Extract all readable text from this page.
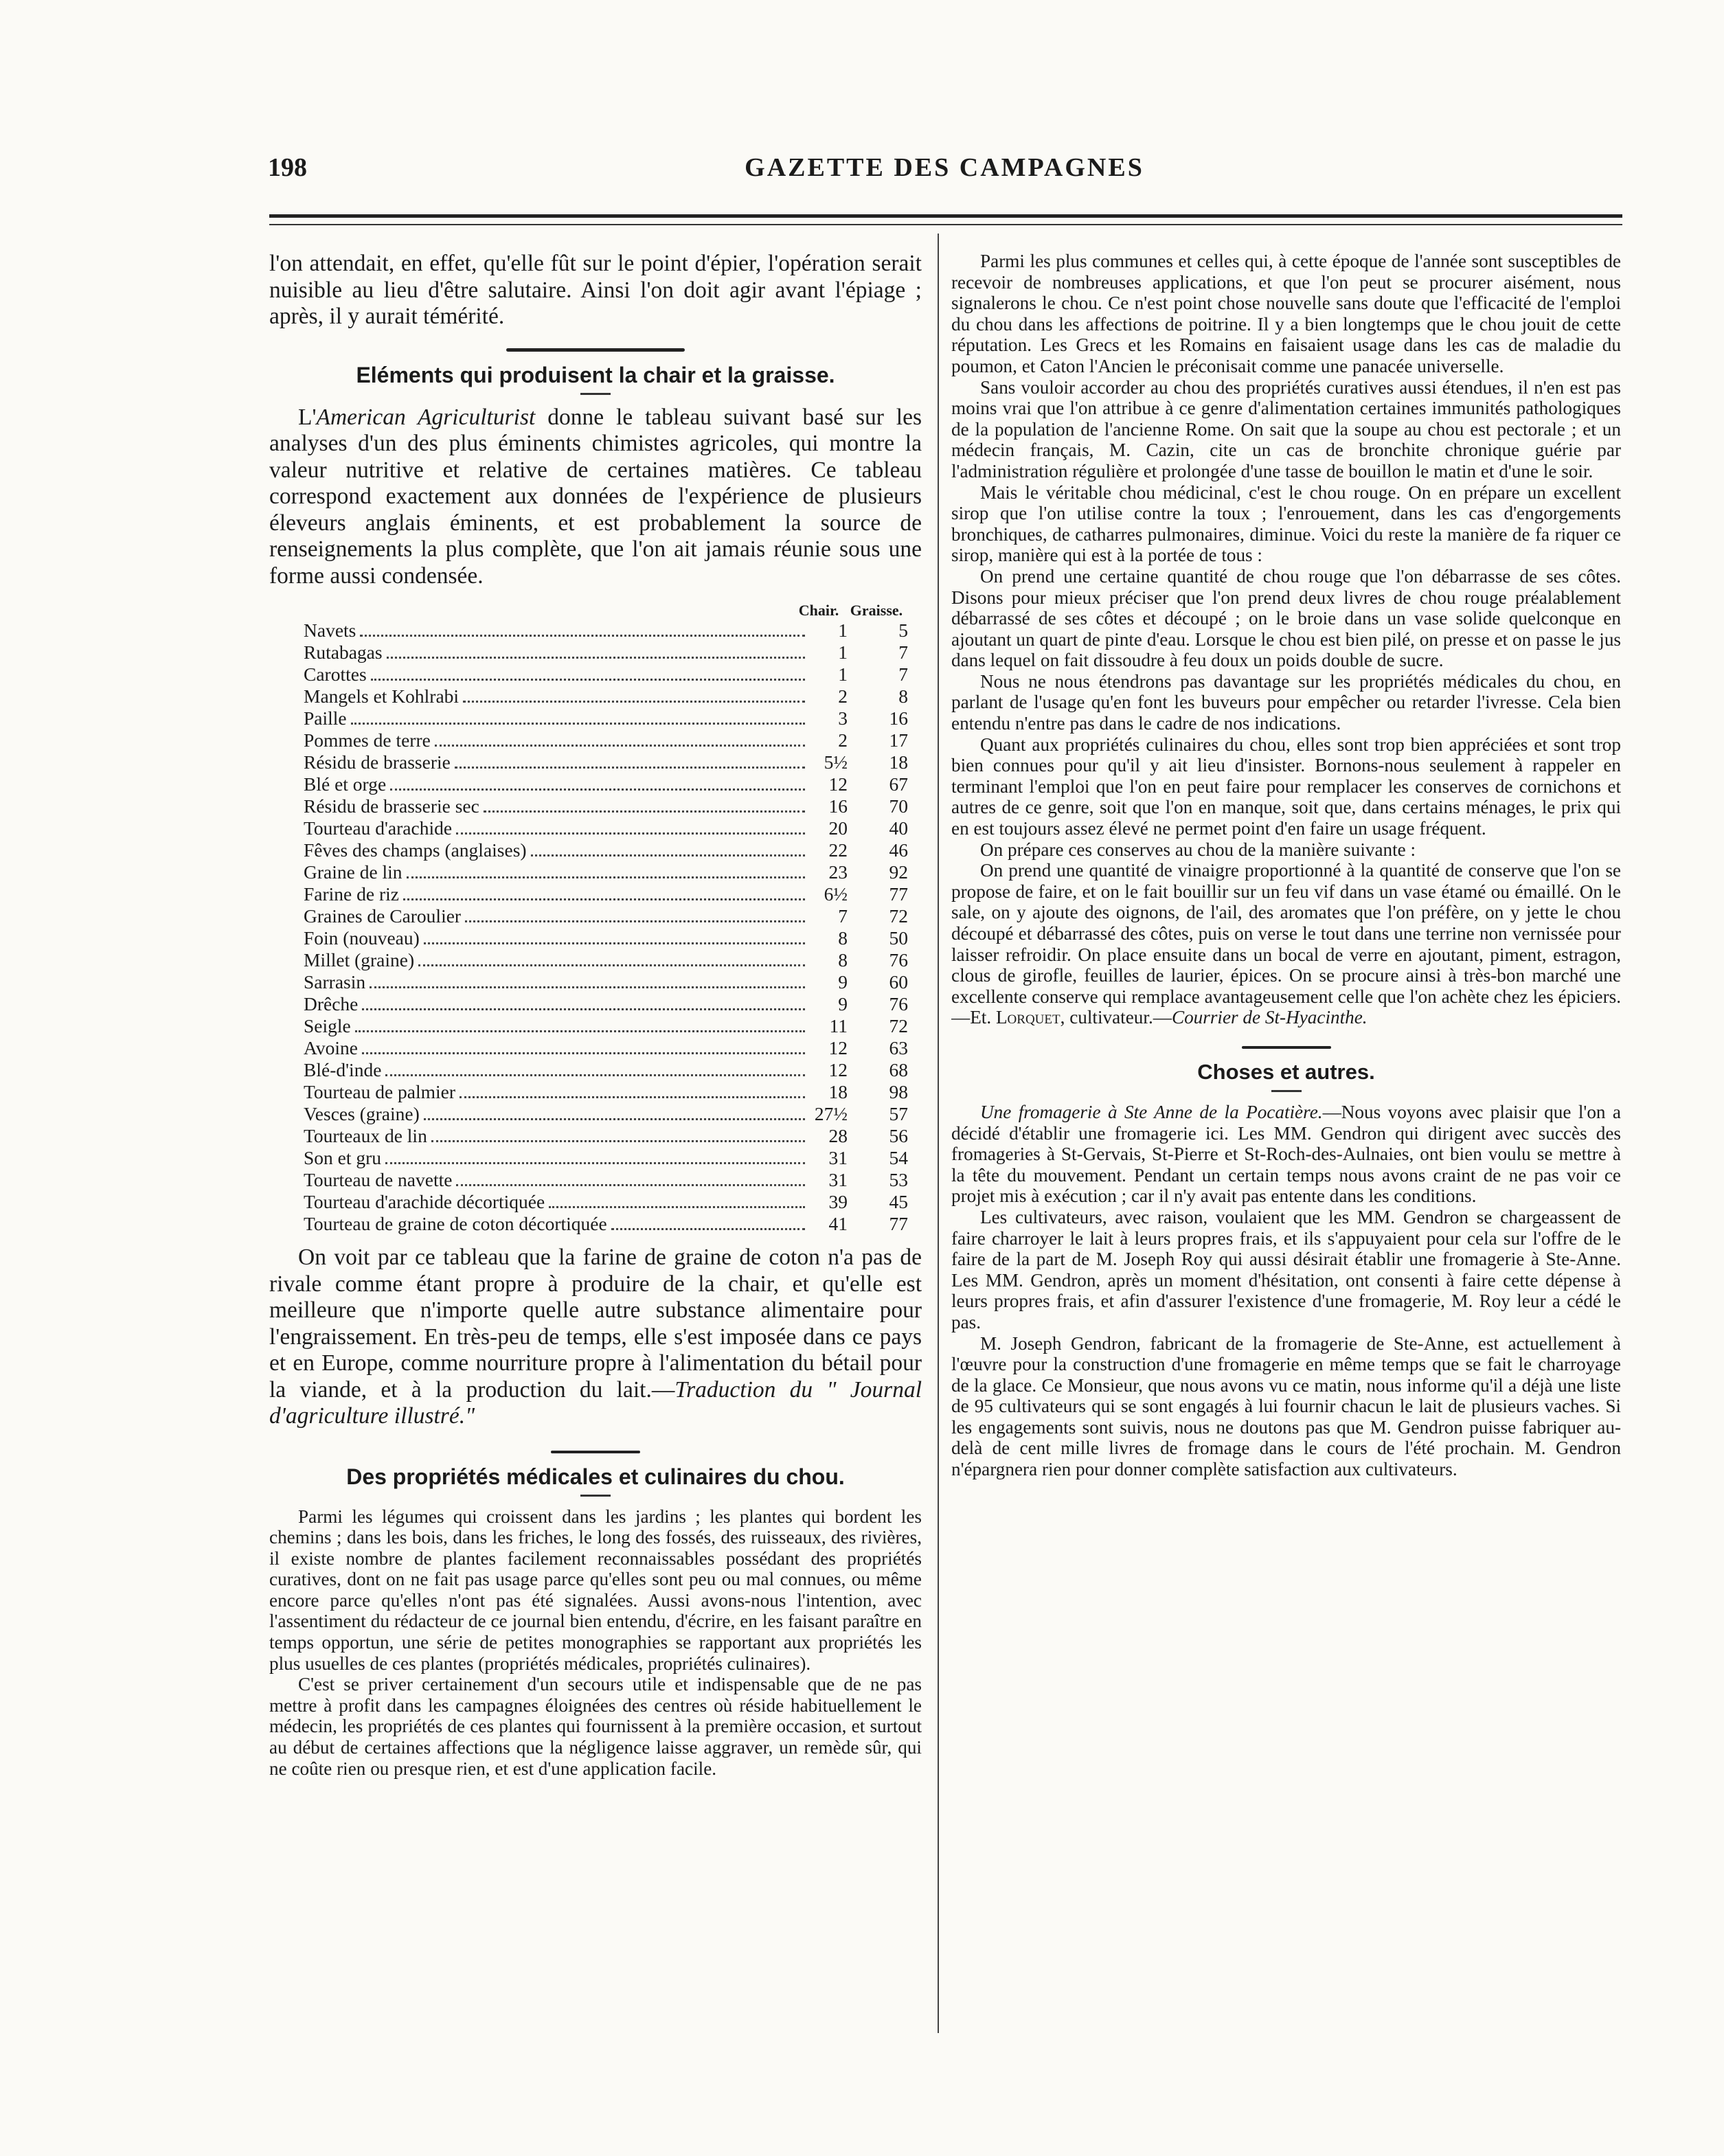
198	GAZETTE DES CAMPAGNES

l'on attendait, en effet, qu'elle fût sur le point d'épier, l'opération serait nuisible au lieu d'être salutaire. Ainsi l'on doit agir avant l'épiage ; après, il y aurait témérité.

Eléments qui produisent la chair et la graisse.

L'American Agriculturist donne le tableau suivant basé sur les analyses d'un des plus éminents chimistes agricoles, qui montre la valeur nutritive et relative de certaines matières. Ce tableau correspond exactement aux données de l'expérience de plusieurs éleveurs anglais éminents, et est probablement la source de renseignements la plus complète, que l'on ait jamais réunie sous une forme aussi condensée.

Chair. Graisse.
Navets	1	5
Rutabagas	1	7
Carottes	1	7
Mangels et Kohlrabi	2	8
Paille	3	16
Pommes de terre	2	17
Résidu de brasserie	5½	18
Blé et orge	12	67
Résidu de brasserie sec	16	70
Tourteau d'arachide	20	40
Fêves des champs (anglaises)	22	46
Graine de lin	23	92
Farine de riz	6½	77
Graines de Caroulier	7	72
Foin (nouveau)	8	50
Millet (graine)	8	76
Sarrasin	9	60
Drêche	9	76
Seigle	11	72
Avoine	12	63
Blé-d'inde	12	68
Tourteau de palmier	18	98
Vesces (graine)	27½	57
Tourteaux de lin	28	56
Son et gru	31	54
Tourteau de navette	31	53
Tourteau d'arachide décortiquée	39	45
Tourteau de graine de coton décortiquée	41	77

On voit par ce tableau que la farine de graine de coton n'a pas de rivale comme étant propre à produire de la chair, et qu'elle est meilleure que n'importe quelle autre substance alimentaire pour l'engraissement. En très-peu de temps, elle s'est imposée dans ce pays et en Europe, comme nourriture propre à l'alimentation du bétail pour la viande, et à la production du lait.—Traduction du " Journal d'agriculture illustré."

Des propriétés médicales et culinaires du chou.

Parmi les légumes qui croissent dans les jardins ; les plantes qui bordent les chemins ; dans les bois, dans les friches, le long des fossés, des ruisseaux, des rivières, il existe nombre de plantes facilement reconnaissables possédant des propriétés curatives, dont on ne fait pas usage parce qu'elles sont peu ou mal connues, ou même encore parce qu'elles n'ont pas été signalées. Aussi avons-nous l'intention, avec l'assentiment du rédacteur de ce journal bien entendu, d'écrire, en les faisant paraître en temps opportun, une série de petites monographies se rapportant aux propriétés les plus usuelles de ces plantes (propriétés médicales, propriétés culinaires).

C'est se priver certainement d'un secours utile et indispensable que de ne pas mettre à profit dans les campagnes éloignées des centres où réside habituellement le médecin, les propriétés de ces plantes qui fournissent à la première occasion, et surtout au début de certaines affections que la négligence laisse aggraver, un remède sûr, qui ne coûte rien ou presque rien, et est d'une application facile.

Parmi les plus communes et celles qui, à cette époque de l'année sont susceptibles de recevoir de nombreuses applications, et que l'on peut se procurer aisément, nous signalerons le chou. Ce n'est point chose nouvelle sans doute que l'efficacité de l'emploi du chou dans les affections de poitrine. Il y a bien longtemps que le chou jouit de cette réputation. Les Grecs et les Romains en faisaient usage dans les cas de maladie du poumon, et Caton l'Ancien le préconisait comme une panacée universelle.

Sans vouloir accorder au chou des propriétés curatives aussi étendues, il n'en est pas moins vrai que l'on attribue à ce genre d'alimentation certaines immunités pathologiques de la population de l'ancienne Rome. On sait que la soupe au chou est pectorale ; et un médecin français, M. Cazin, cite un cas de bronchite chronique guérie par l'administration régulière et prolongée d'une tasse de bouillon le matin et d'une le soir.

Mais le véritable chou médicinal, c'est le chou rouge. On en prépare un excellent sirop que l'on utilise contre la toux ; l'enrouement, dans les cas d'engorgements bronchiques, de catharres pulmonaires, diminue. Voici du reste la manière de fa riquer ce sirop, manière qui est à la portée de tous :

On prend une certaine quantité de chou rouge que l'on débarrasse de ses côtes. Disons pour mieux préciser que l'on prend deux livres de chou rouge préalablement débarrassé de ses côtes et découpé ; on le broie dans un vase solide quelconque en ajoutant un quart de pinte d'eau. Lorsque le chou est bien pilé, on presse et on passe le jus dans lequel on fait dissoudre à feu doux un poids double de sucre.

Nous ne nous étendrons pas davantage sur les propriétés médicales du chou, en parlant de l'usage qu'en font les buveurs pour empêcher ou retarder l'ivresse. Cela bien entendu n'entre pas dans le cadre de nos indications.

Quant aux propriétés culinaires du chou, elles sont trop bien appréciées et sont trop bien connues pour qu'il y ait lieu d'insister. Bornons-nous seulement à rappeler en terminant l'emploi que l'on en peut faire pour remplacer les conserves de cornichons et autres de ce genre, soit que l'on en manque, soit que, dans certains ménages, le prix qui en est toujours assez élevé ne permet point d'en faire un usage fréquent.

On prépare ces conserves au chou de la manière suivante :

On prend une quantité de vinaigre proportionné à la quantité de conserve que l'on se propose de faire, et on le fait bouillir sur un feu vif dans un vase étamé ou émaillé. On le sale, on y ajoute des oignons, de l'ail, des aromates que l'on préfère, on y jette le chou découpé et débarrassé des côtes, puis on verse le tout dans une terrine non vernissée pour laisser refroidir. On place ensuite dans un bocal de verre en ajoutant, piment, estragon, clous de girofle, feuilles de laurier, épices. On se procure ainsi à très-bon marché une excellente conserve qui remplace avantageusement celle que l'on achète chez les épiciers.—Et. Lorquet, cultivateur.—Courrier de St-Hyacinthe.

Choses et autres.

Une fromagerie à Ste Anne de la Pocatière.—Nous voyons avec plaisir que l'on a décidé d'établir une fromagerie ici. Les MM. Gendron qui dirigent avec succès des fromageries à St-Gervais, St-Pierre et St-Roch-des-Aulnaies, ont bien voulu se mettre à la tête du mouvement. Pendant un certain temps nous avons craint de ne pas voir ce projet mis à exécution ; car il n'y avait pas entente dans les conditions.

Les cultivateurs, avec raison, voulaient que les MM. Gendron se chargeassent de faire charroyer le lait à leurs propres frais, et ils s'appuyaient pour cela sur l'offre de le faire de la part de M. Joseph Roy qui aussi désirait établir une fromagerie à Ste-Anne. Les MM. Gendron, après un moment d'hésitation, ont consenti à faire cette dépense à leurs propres frais, et afin d'assurer l'existence d'une fromagerie, M. Roy leur a cédé le pas.

M. Joseph Gendron, fabricant de la fromagerie de Ste-Anne, est actuellement à l'œuvre pour la construction d'une fromagerie en même temps que se fait le charroyage de la glace. Ce Monsieur, que nous avons vu ce matin, nous informe qu'il a déjà une liste de 95 cultivateurs qui se sont engagés à lui fournir chacun le lait de plusieurs vaches. Si les engagements sont suivis, nous ne doutons pas que M. Gendron puisse fabriquer au-delà de cent mille livres de fromage dans le cours de l'été prochain. M. Gendron n'épargnera rien pour donner complète satisfaction aux cultivateurs.
